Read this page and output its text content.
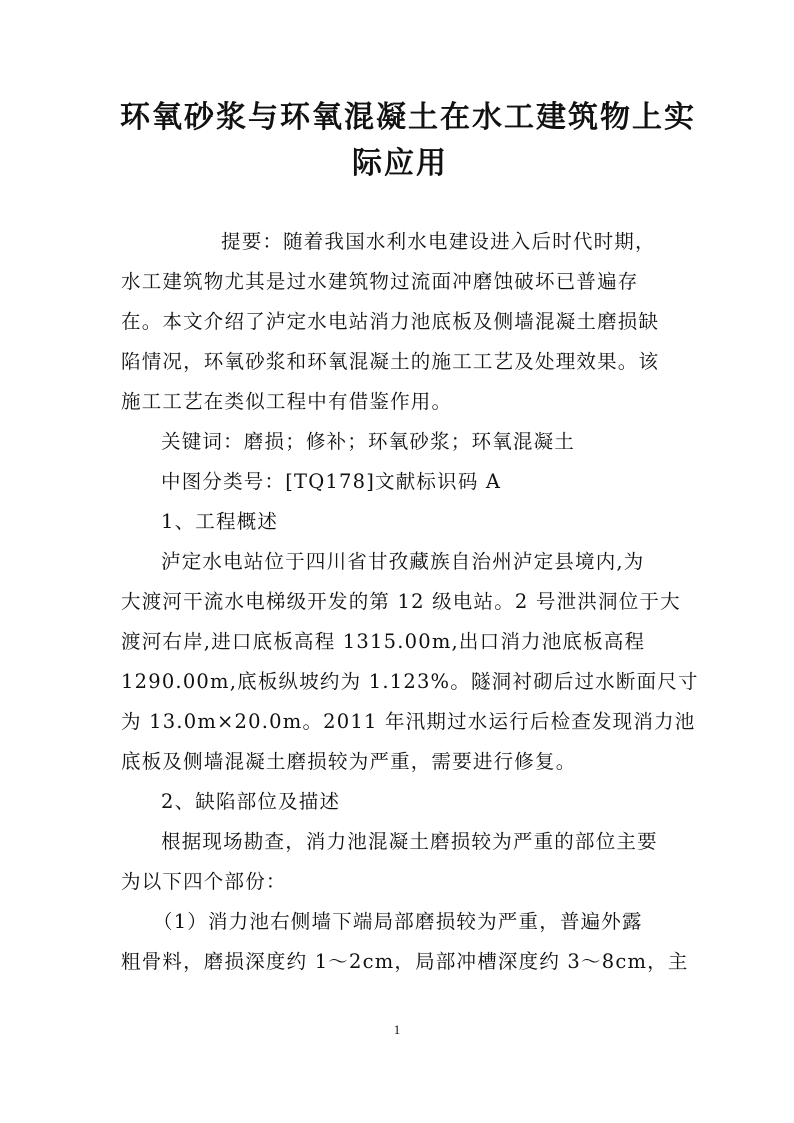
环氧砂浆与环氧混凝土在水工建筑物上实
际应用
提要：随着我国水利水电建设进入后时代时期，
水工建筑物尤其是过水建筑物过流面冲磨蚀破坏已普遍存
在。本文介绍了泸定水电站消力池底板及侧墙混凝土磨损缺
陷情况，环氧砂浆和环氧混凝土的施工工艺及处理效果。该
施工工艺在类似工程中有借鉴作用。
关键词：磨损；修补；环氧砂浆；环氧混凝土
中图分类号：[TQ178]文献标识码 A
1、工程概述
泸定水电站位于四川省甘孜藏族自治州泸定县境内,为
大渡河干流水电梯级开发的第 12 级电站。2 号泄洪洞位于大
渡河右岸,进口底板高程 1315.00m,出口消力池底板高程
1290.00m,底板纵坡约为 1.123%。隧洞衬砌后过水断面尺寸
为 13.0m×20.0m。2011 年汛期过水运行后检查发现消力池
底板及侧墙混凝土磨损较为严重，需要进行修复。
2、缺陷部位及描述
根据现场勘查，消力池混凝土磨损较为严重的部位主要
为以下四个部份：
（1）消力池右侧墙下端局部磨损较为严重，普遍外露
粗骨料，磨损深度约 1～2cm，局部冲槽深度约 3～8cm，主
1
